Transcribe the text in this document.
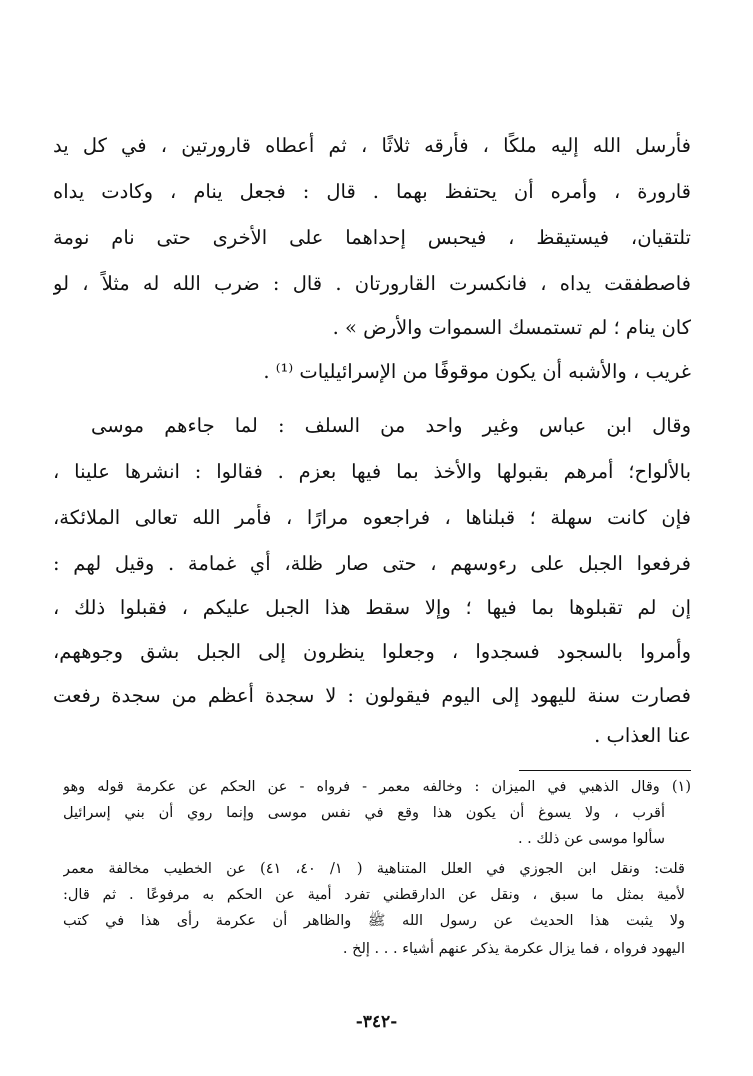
فأرسل الله إليه ملكًا ، فأرقه ثلاثًا ، ثم أعطاه قارورتين ، في كل يد
قارورة ، وأمره أن يحتفظ بهما . قال : فجعل ينام ، وكادت يداه
تلتقيان، فيستيقظ ، فيحبس إحداهما على الأخرى حتى نام نومة
فاصطفقت يداه ، فانكسرت القارورتان . قال : ضرب الله له مثلاً ، لو
كان ينام ؛ لم تستمسك السموات والأرض » .
غريب ، والأشبه أن يكون موقوفًا من الإسرائيليات ⁽¹⁾ .
وقال ابن عباس وغير واحد من السلف : لما جاءهم موسى
بالألواح؛ أمرهم بقبولها والأخذ بما فيها بعزم . فقالوا : انشرها علينا ،
فإن كانت سهلة ؛ قبلناها ، فراجعوه مرارًا ، فأمر الله تعالى الملائكة،
فرفعوا الجبل على رءوسهم ، حتى صار ظلة، أي غمامة . وقيل لهم :
إن لم تقبلوها بما فيها ؛ وإلا سقط هذا الجبل عليكم ، فقبلوا ذلك ،
وأمروا بالسجود فسجدوا ، وجعلوا ينظرون إلى الجبل بشق وجوههم،
فصارت سنة لليهود إلى اليوم فيقولون : لا سجدة أعظم من سجدة رفعت
عنا العذاب .
(١) وقال الذهبي في الميزان : وخالفه معمر - فرواه - عن الحكم عن عكرمة قوله وهو
أقرب ، ولا يسوغ أن يكون هذا وقع في نفس موسى وإنما روي أن بني إسرائيل
سألوا موسى عن ذلك . .
قلت: ونقل ابن الجوزي في العلل المتناهية ( ١/ ٤٠، ٤١) عن الخطيب مخالفة معمر
لأمية بمثل ما سبق ، ونقل عن الدارقطني تفرد أمية عن الحكم به مرفوعًا . ثم قال:
ولا يثبت هذا الحديث عن رسول الله ﷺ والظاهر أن عكرمة رأى هذا في كتب
اليهود فرواه ، فما يزال عكرمة يذكر عنهم أشياء . . . إلخ .
-٣٤٢-
